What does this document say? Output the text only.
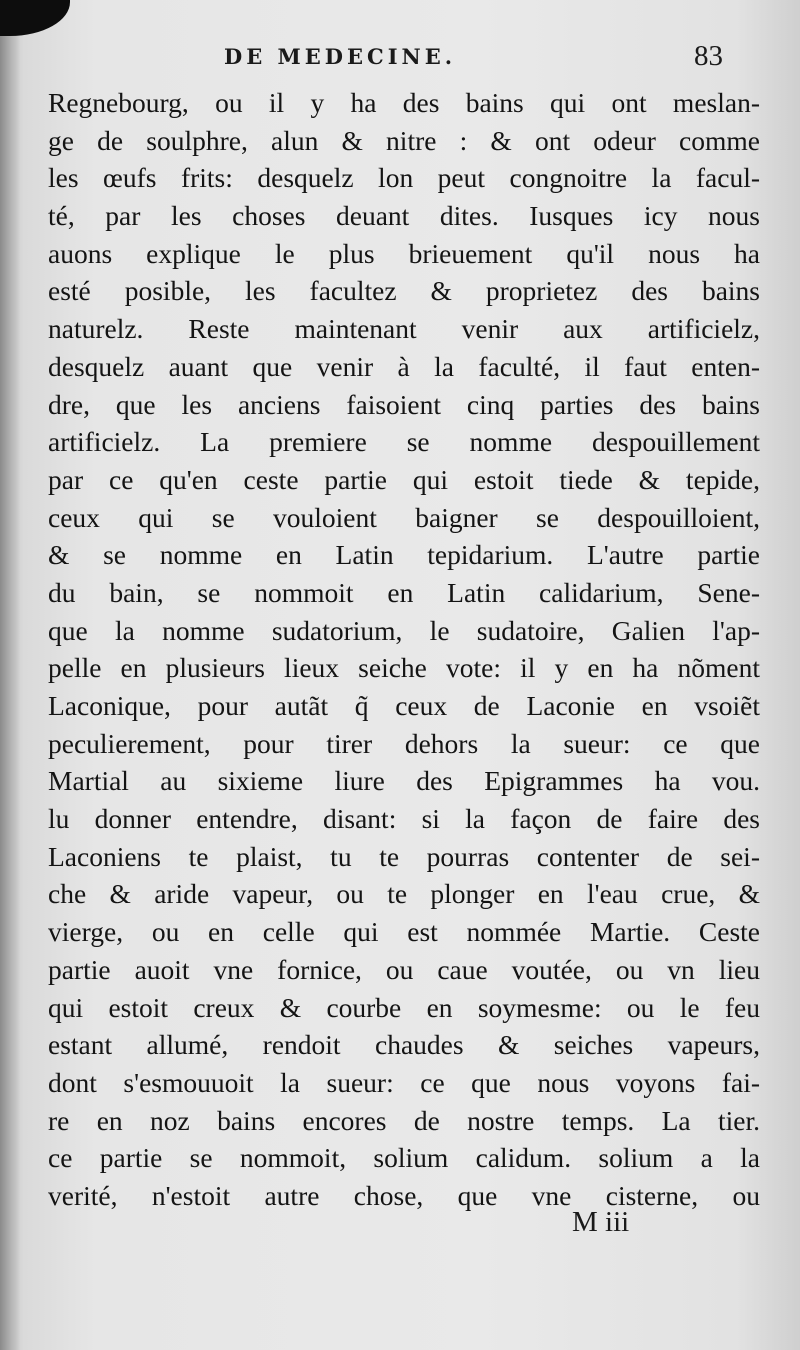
DE MEDECINE.	83
Regnebourg, ou il y ha des bains qui ont meslan-
ge de soulphre, alun & nitre : & ont odeur comme
les œufs frits: desquelz lon peut congnoitre la facul-
té, par les choses deuant dites. Iusques icy nous
auons explique le plus brieuement qu'il nous ha
esté posible, les facultez & proprietez des bains
naturelz. Reste maintenant venir aux artificielz,
desquelz auant que venir à la faculté, il faut enten-
dre, que les anciens faisoient cinq parties des bains
artificielz. La premiere se nomme despouillement
par ce qu'en ceste partie qui estoit tiede & tepide,
ceux qui se vouloient baigner se despouilloient,
& se nomme en Latin tepidarium. L'autre partie
du bain, se nommoit en Latin calidarium, Sene-
que la nomme sudatorium, le sudatoire, Galien l'ap-
pelle en plusieurs lieux seiche vote: il y en ha nõment
Laconique, pour autãt q̃ ceux de Laconie en vsoiẽt
peculierement, pour tirer dehors la sueur: ce que
Martial au sixieme liure des Epigrammes ha vou.
lu donner entendre, disant: si la façon de faire des
Laconiens te plaist, tu te pourras contenter de sei-
che & aride vapeur, ou te plonger en l'eau crue, &
vierge, ou en celle qui est nommée Martie. Ceste
partie auoit vne fornice, ou caue voutée, ou vn lieu
qui estoit creux & courbe en soymesme: ou le feu
estant allumé, rendoit chaudes & seiches vapeurs,
dont s'esmouuoit la sueur: ce que nous voyons fai-
re en noz bains encores de nostre temps. La tier.
ce partie se nommoit, solium calidum. solium a la
verité, n'estoit autre chose, que vne cisterne, ou
M iii
